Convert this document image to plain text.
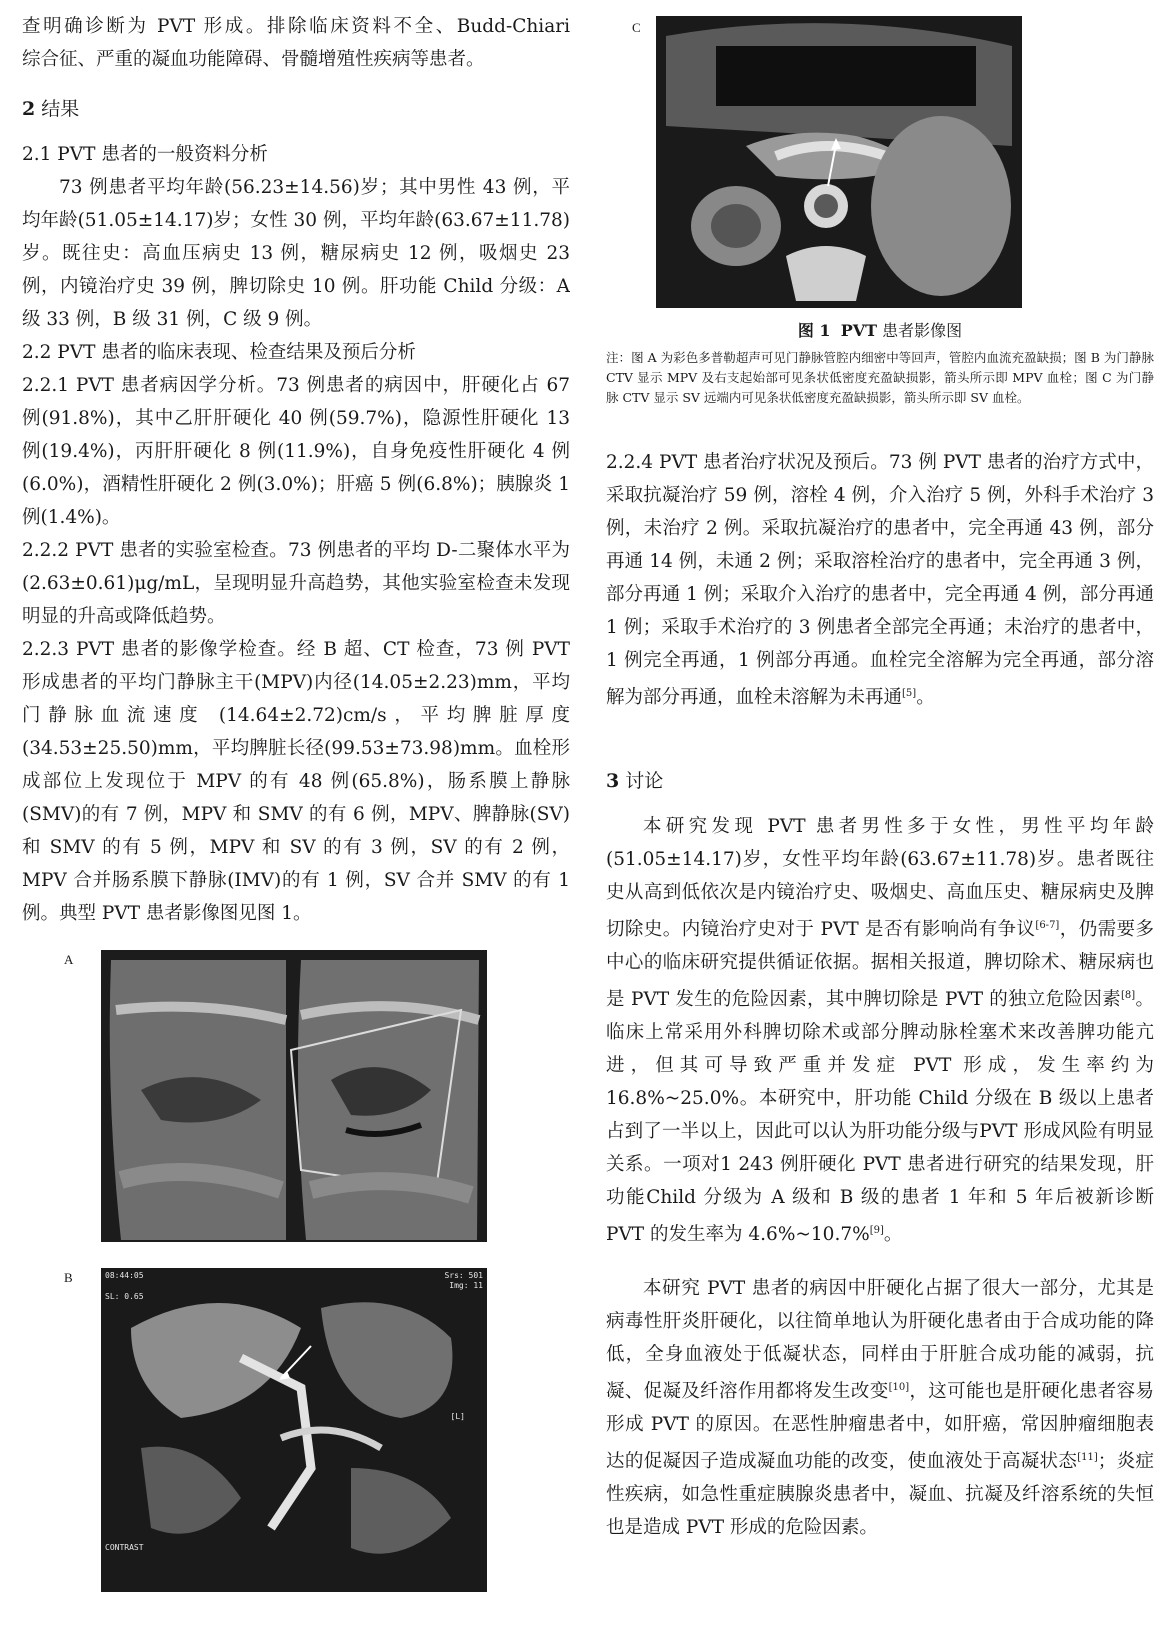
查明确诊断为 PVT 形成。排除临床资料不全、Budd-Chiari

综合征、严重的凝血功能障碍、骨髓增殖性疾病等患者。

2 结果

2.1 PVT 患者的一般资料分析

73 例患者平均年龄(56.23±14.56)岁；其中男性 43 例，平均年龄(51.05±14.17)岁；女性 30 例，平均年龄(63.67±11.78)岁。既往史：高血压病史 13 例，糖尿病史 12 例，吸烟史 23 例，内镜治疗史 39 例，脾切除史 10 例。肝功能 Child 分级：A 级 33 例，B 级 31 例，C 级 9 例。

2.2 PVT 患者的临床表现、检查结果及预后分析

2.2.1 PVT 患者病因学分析。73 例患者的病因中，肝硬化占 67 例(91.8%)，其中乙肝肝硬化 40 例(59.7%)，隐源性肝硬化 13 例(19.4%)，丙肝肝硬化 8 例(11.9%)，自身免疫性肝硬化 4 例(6.0%)，酒精性肝硬化 2 例(3.0%)；肝癌 5 例(6.8%)；胰腺炎 1 例(1.4%)。

2.2.2 PVT 患者的实验室检查。73 例患者的平均 D-二聚体水平为(2.63±0.61)μg/mL，呈现明显升高趋势，其他实验室检查未发现明显的升高或降低趋势。

2.2.3 PVT 患者的影像学检查。经 B 超、CT 检查，73 例 PVT 形成患者的平均门静脉主干(MPV)内径(14.05±2.23)mm，平均门静脉血流速度 (14.64±2.72)cm/s，平均脾脏厚度(34.53±25.50)mm，平均脾脏长径(99.53±73.98)mm。血栓形成部位上发现位于 MPV 的有 48 例(65.8%)，肠系膜上静脉(SMV)的有 7 例，MPV 和 SMV 的有 6 例，MPV、脾静脉(SV)和 SMV 的有 5 例，MPV 和 SV 的有 3 例，SV 的有 2 例，MPV 合并肠系膜下静脉(IMV)的有 1 例，SV 合并 SMV 的有 1 例。典型 PVT 患者影像图见图 1。

A
B	08:44:05
SL: 0.65
Srs: 501
Img: 11
CONTRAST
[L]
C
图 1 PVT 患者影像图
注：图 A 为彩色多普勒超声可见门静脉管腔内细密中等回声，管腔内血流充盈缺损；图 B 为门静脉 CTV 显示 MPV 及右支起始部可见条状低密度充盈缺损影，箭头所示即 MPV 血栓；图 C 为门静脉 CTV 显示 SV 远端内可见条状低密度充盈缺损影，箭头所示即 SV 血栓。

2.2.4 PVT 患者治疗状况及预后。73 例 PVT 患者的治疗方式中，采取抗凝治疗 59 例，溶栓 4 例，介入治疗 5 例，外科手术治疗 3 例，未治疗 2 例。采取抗凝治疗的患者中，完全再通 43 例，部分再通 14 例，未通 2 例；采取溶栓治疗的患者中，完全再通 3 例，部分再通 1 例；采取介入治疗的患者中，完全再通 4 例，部分再通 1 例；采取手术治疗的 3 例患者全部完全再通；未治疗的患者中，1 例完全再通，1 例部分再通。血栓完全溶解为完全再通，部分溶解为部分再通，血栓未溶解为未再通[5]。

3 讨论

本研究发现 PVT 患者男性多于女性，男性平均年龄(51.05±14.17)岁，女性平均年龄(63.67±11.78)岁。患者既往史从高到低依次是内镜治疗史、吸烟史、高血压史、糖尿病史及脾切除史。内镜治疗史对于 PVT 是否有影响尚有争议[6-7]，仍需要多中心的临床研究提供循证依据。据相关报道，脾切除术、糖尿病也是 PVT 发生的危险因素，其中脾切除是 PVT 的独立危险因素[8]。临床上常采用外科脾切除术或部分脾动脉栓塞术来改善脾功能亢进，但其可导致严重并发症 PVT 形成，发生率约为 16.8%~25.0%。本研究中，肝功能 Child 分级在 B 级以上患者占到了一半以上，因此可以认为肝功能分级与PVT 形成风险有明显关系。一项对1 243 例肝硬化 PVT 患者进行研究的结果发现，肝功能Child 分级为 A 级和 B 级的患者 1 年和 5 年后被新诊断 PVT 的发生率为 4.6%~10.7%[9]。

本研究 PVT 患者的病因中肝硬化占据了很大一部分，尤其是病毒性肝炎肝硬化，以往简单地认为肝硬化患者由于合成功能的降低，全身血液处于低凝状态，同样由于肝脏合成功能的减弱，抗凝、促凝及纤溶作用都将发生改变[10]，这可能也是肝硬化患者容易形成 PVT 的原因。在恶性肿瘤患者中，如肝癌，常因肿瘤细胞表达的促凝因子造成凝血功能的改变，使血液处于高凝状态[11]；炎症性疾病，如急性重症胰腺炎患者中，凝血、抗凝及纤溶系统的失恒也是造成 PVT 形成的危险因素。
